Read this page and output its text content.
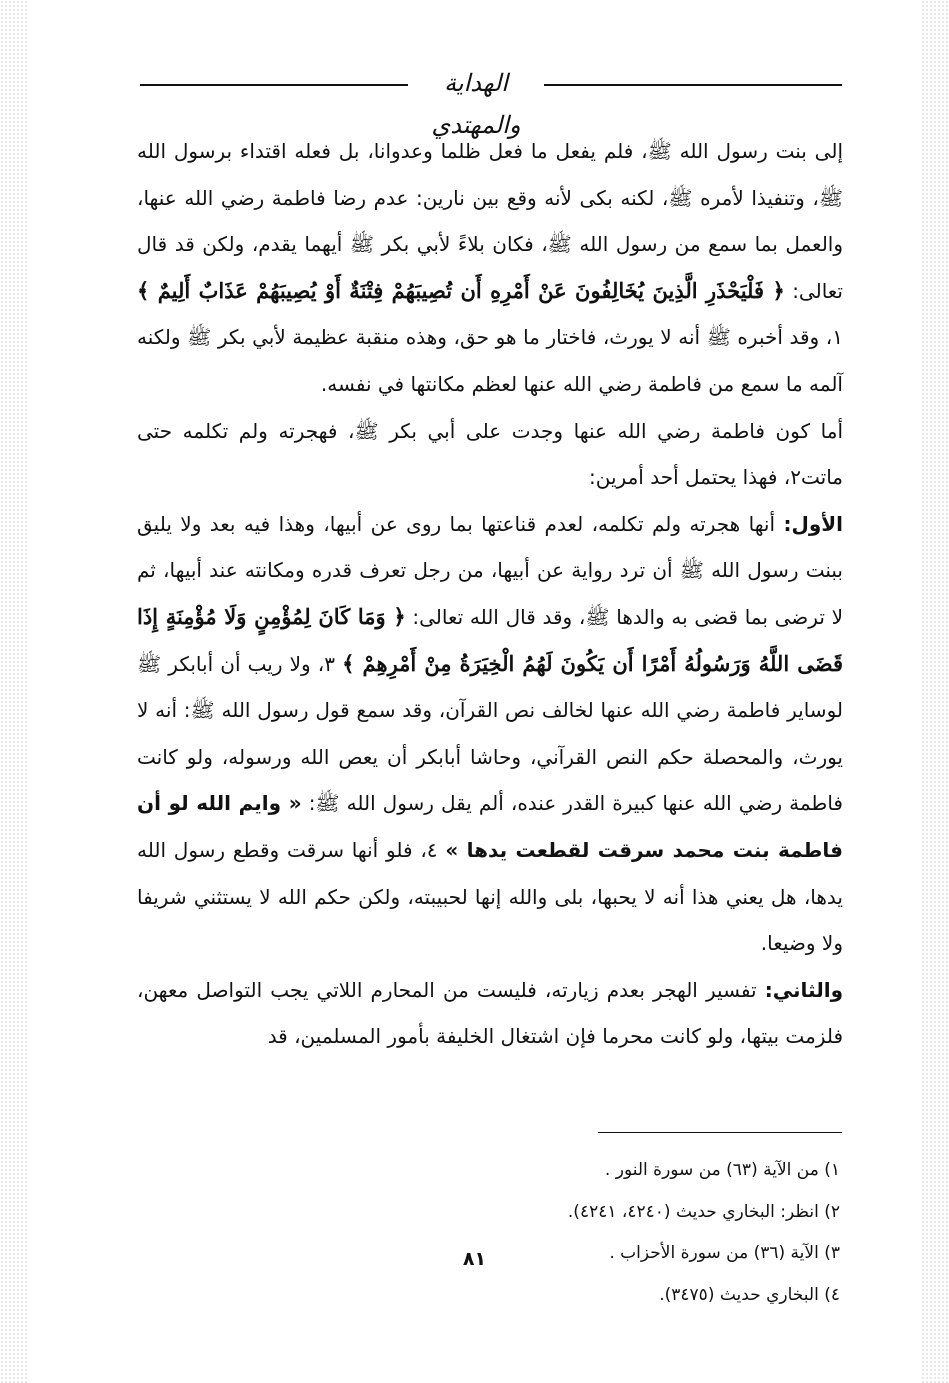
الهداية والمهتدي

إلى بنت رسول الله ﷺ، فلم يفعل ما فعل ظلما وعدوانا، بل فعله اقتداء برسول الله ﷺ، وتنفيذا لأمره ﷺ، لكنه بكى لأنه وقع بين نارين: عدم رضا فاطمة رضي الله عنها، والعمل بما سمع من رسول الله ﷺ، فكان بلاءً لأبي بكر ﷺ أيهما يقدم، ولكن قد قال تعالى: ﴿ فَلْيَحْذَرِ الَّذِينَ يُخَالِفُونَ عَنْ أَمْرِهِ أَن تُصِيبَهُمْ فِتْنَةٌ أَوْ يُصِيبَهُمْ عَذَابٌ أَلِيمٌ ﴾ ١، وقد أخبره ﷺ أنه لا يورث، فاختار ما هو حق، وهذه منقبة عظيمة لأبي بكر ﷺ ولكنه آلمه ما سمع من فاطمة رضي الله عنها لعظم مكانتها في نفسه.

أما كون فاطمة رضي الله عنها وجدت على أبي بكر ﷺ، فهجرته ولم تكلمه حتى ماتت٢، فهذا يحتمل أحد أمرين:

الأول: أنها هجرته ولم تكلمه، لعدم قناعتها بما روى عن أبيها، وهذا فيه بعد ولا يليق ببنت رسول الله ﷺ أن ترد رواية عن أبيها، من رجل تعرف قدره ومكانته عند أبيها، ثم لا ترضى بما قضى به والدها ﷺ، وقد قال الله تعالى: ﴿ وَمَا كَانَ لِمُؤْمِنٍ وَلَا مُؤْمِنَةٍ إِذَا قَضَى اللَّهُ وَرَسُولُهُ أَمْرًا أَن يَكُونَ لَهُمُ الْخِيَرَةُ مِنْ أَمْرِهِمْ ﴾ ٣، ولا ريب أن أبابكر ﷺ لوساير فاطمة رضي الله عنها لخالف نص القرآن، وقد سمع قول رسول الله ﷺ: أنه لا يورث، والمحصلة حكم النص القرآني، وحاشا أبابكر أن يعص الله ورسوله، ولو كانت فاطمة رضي الله عنها كبيرة القدر عنده، ألم يقل رسول الله ﷺ: « وايم الله لو أن فاطمة بنت محمد سرقت لقطعت يدها » ٤، فلو أنها سرقت وقطع رسول الله يدها، هل يعني هذا أنه لا يحبها، بلى والله إنها لحبيبته، ولكن حكم الله لا يستثني شريفا ولا وضيعا.

والثاني: تفسير الهجر بعدم زيارته، فليست من المحارم اللاتي يجب التواصل معهن، فلزمت بيتها، ولو كانت محرما فإن اشتغال الخليفة بأمور المسلمين، قد

١) من الآية (٦٣) من سورة النور .
٢) انظر: البخاري حديث (٤٢٤٠، ٤٢٤١).
٣) الآية (٣٦) من سورة الأحزاب .
٤) البخاري حديث (٣٤٧٥).
٨١
